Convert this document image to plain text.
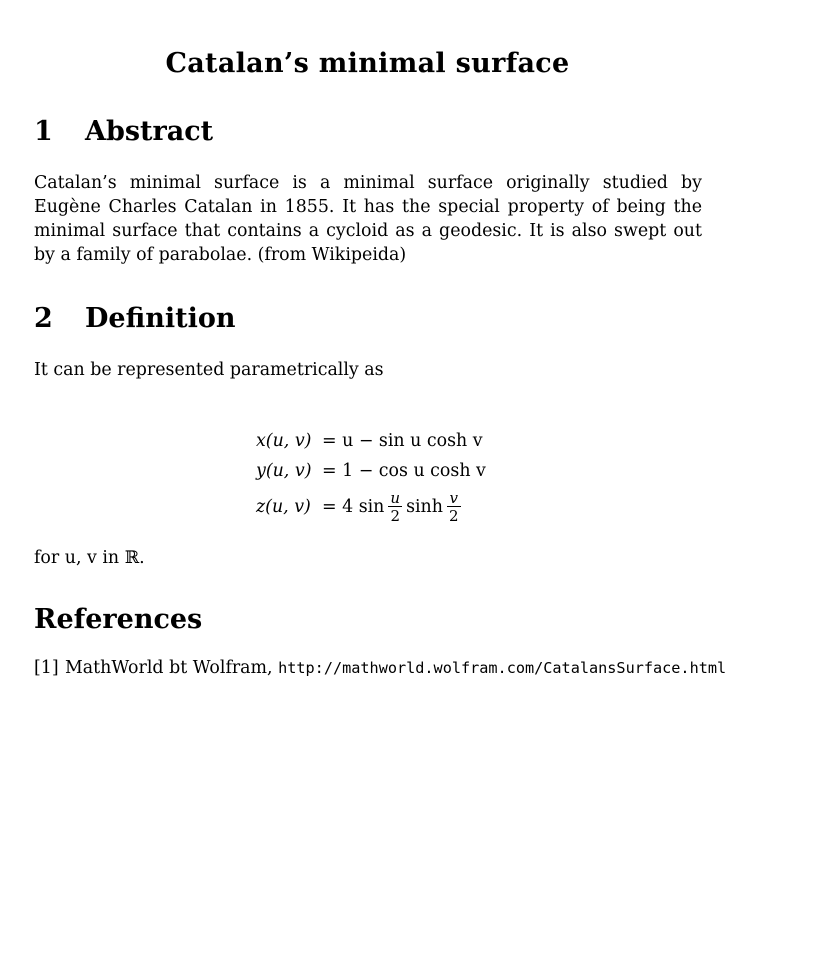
Catalan’s minimal surface
1 Abstract
Catalan’s minimal surface is a minimal surface originally studied by Eugène Charles Catalan in 1855. It has the special property of being the minimal surface that contains a cycloid as a geodesic. It is also swept out by a family of parabolae. (from Wikipeida)
2 Definition
It can be represented parametrically as
x(u, v) = u − sin u cosh v
y(u, v) = 1 − cos u cosh v
z(u, v) = 4 $\sin \frac{u}{2}$ $\sinh \frac{v}{2}$
for u, v in ℝ.
References
[1] MathWorld bt Wolfram, http://mathworld.wolfram.com/CatalansSurface.html
